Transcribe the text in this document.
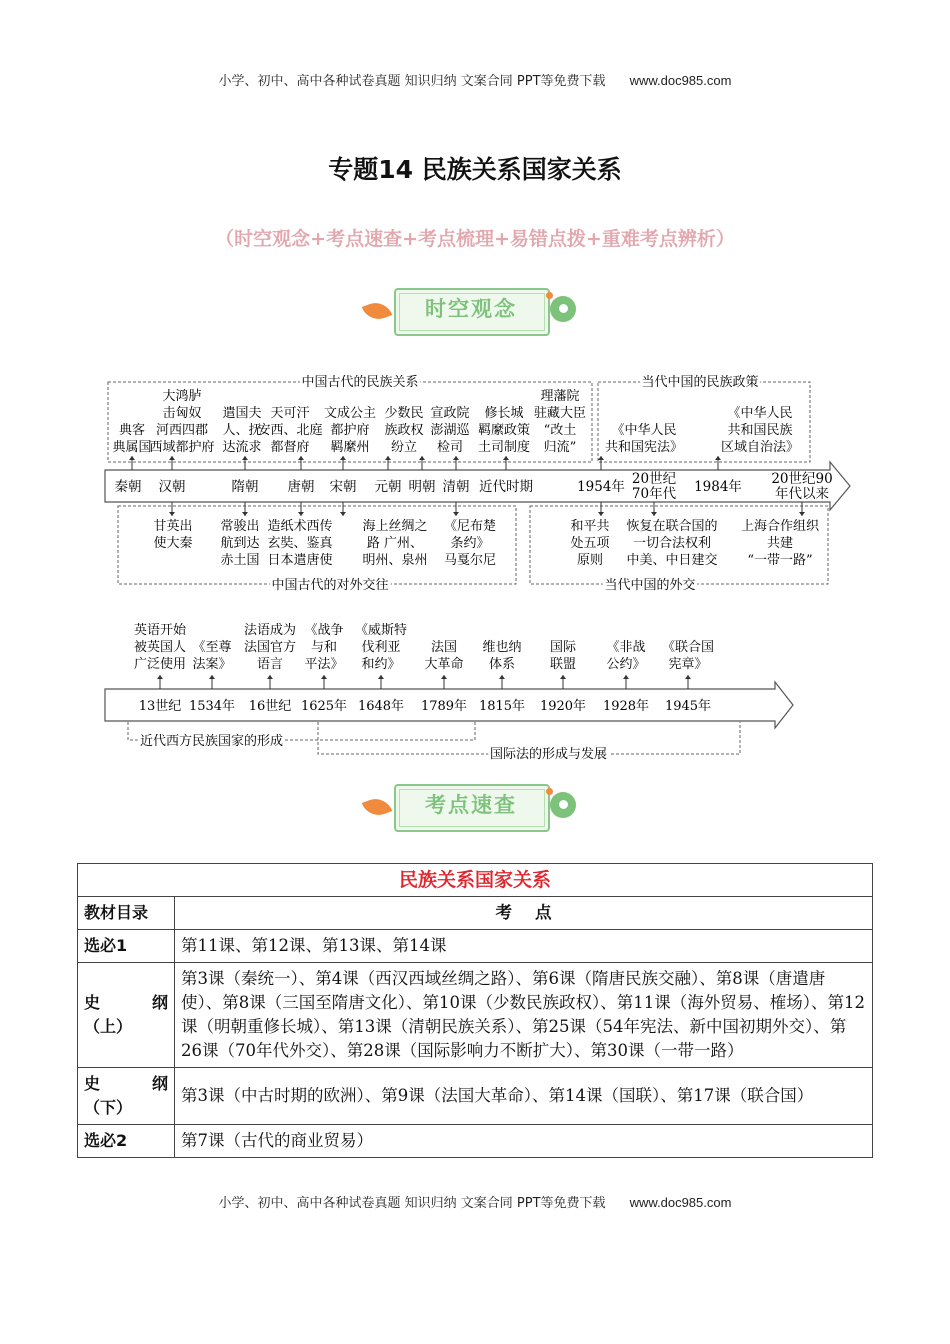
小学、初中、高中各种试卷真题 知识归纳 文案合同 PPT等免费下载 www.doc985.com
专题14 民族关系国家关系
（时空观念+考点速查+考点梳理+易错点拨+重难考点辨析）
时空观念
中国古代的民族关系	当代中国的民族政策
中国古代的对外交往	当代中国的外交
秦朝 汉朝	隋朝 唐朝 宋朝 元朝 明朝 清朝 近代时期	1954年 20世纪
70年代 1984年 20世纪90
年代以来
典客
典属国
大鸿胪
击匈奴
河西四郡
西域都护府
遣国夫
人、抚
达流求
天可汗
安西、北庭
都督府
文成公主
都护府
羁縻州
少数民
族政权
纷立
宣政院
澎湖巡
检司
修长城
羁縻政策
土司制度
理藩院
驻藏大臣
“改土
归流”
《中华人民
共和国宪法》
《中华人民
共和国民族
区域自治法》
甘英出
使大秦
常骏出
航到达
赤土国
造纸术西传
玄奘、鉴真
日本遣唐使
海上丝绸之
路 广州、
明州、泉州
《尼布楚
条约》
马戛尔尼
和平共
处五项
原则
恢复在联合国的
一切合法权利
中美、中日建交
上海合作组织
共建
“一带一路”
近代西方民族国家的形成
国际法的形成与发展
13世纪 1534年 16世纪 1625年 1648年 1789年 1815年 1920年 1928年 1945年
英语开始
被英国人
广泛使用
《至尊
法案》
法语成为
法国官方
语言
《战争
与和
平法》
《威斯特
伐利亚
和约》
法国
大革命
维也纳
体系
国际
联盟
《非战
公约》
《联合国
宪章》
考点速查
民族关系国家关系	
教材目录	考    点
选必1	第11课、第12课、第13课、第14课

史 纲
（上）	第3课（秦统一）、第4课（西汉西域丝绸之路）、第6课（隋唐民族交融）、第8课（唐遣唐使）、第8课（三国至隋唐文化）、第10课（少数民族政权）、第11课（海外贸易、榷场）、第12课（明朝重修长城）、第13课（清朝民族关系）、第25课（54年宪法、新中国初期外交）、第26课（70年代外交）、第28课（国际影响力不断扩大）、第30课（一带一路）

史 纲
（下）	第3课（中古时期的欧洲）、第9课（法国大革命）、第14课（国联）、第17课（联合国）
选必2	第7课（古代的商业贸易）
小学、初中、高中各种试卷真题 知识归纳 文案合同 PPT等免费下载 www.doc985.com
